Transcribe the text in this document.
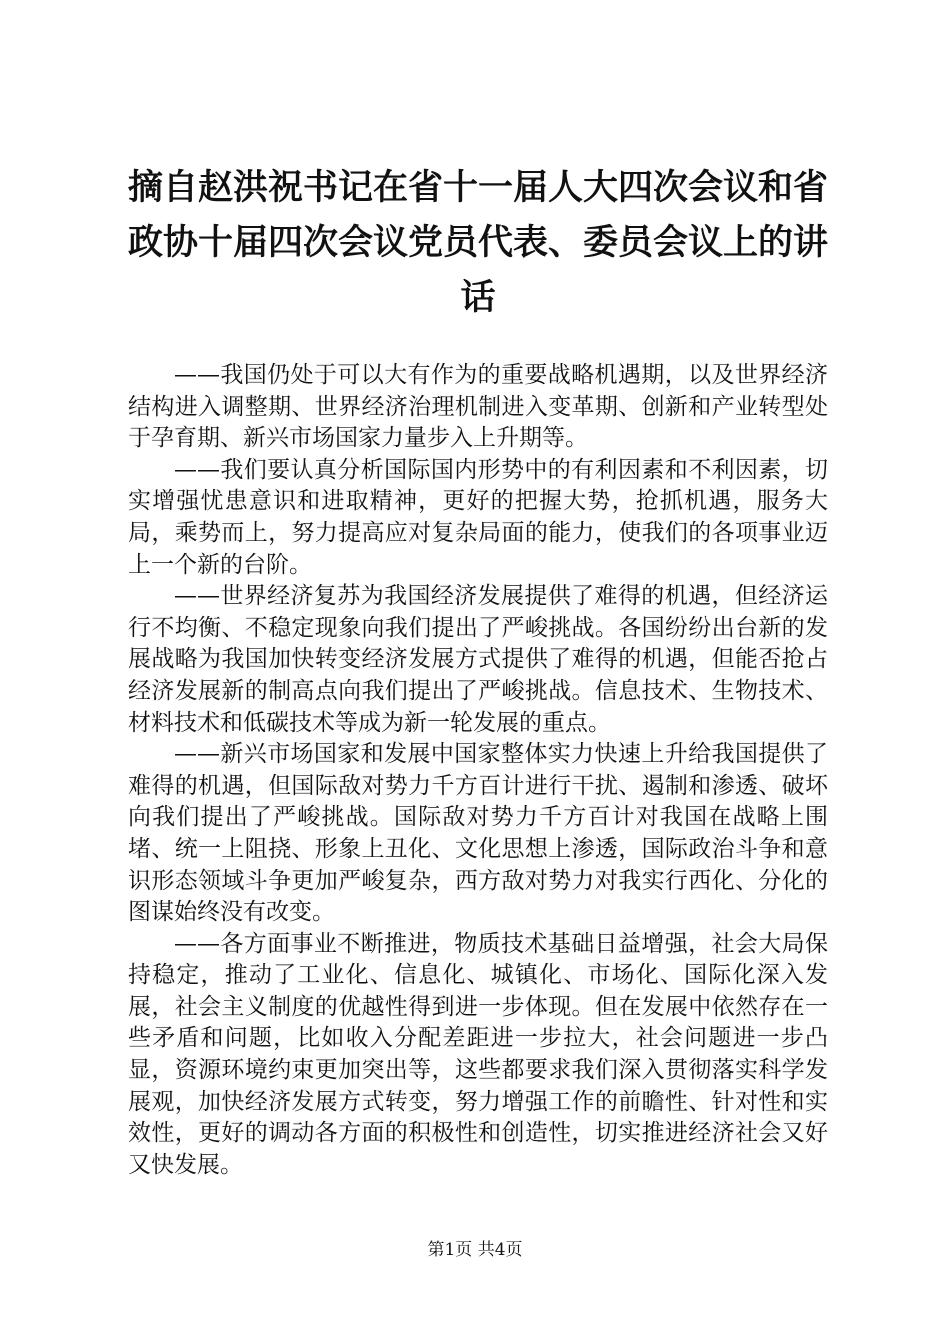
摘自赵洪祝书记在省十一届人大四次会议和省政协十届四次会议党员代表、委员会议上的讲话

——我国仍处于可以大有作为的重要战略机遇期，以及世界经济结构进入调整期、世界经济治理机制进入变革期、创新和产业转型处于孕育期、新兴市场国家力量步入上升期等。

——我们要认真分析国际国内形势中的有利因素和不利因素，切实增强忧患意识和进取精神，更好的把握大势，抢抓机遇，服务大局，乘势而上，努力提高应对复杂局面的能力，使我们的各项事业迈上一个新的台阶。

——世界经济复苏为我国经济发展提供了难得的机遇，但经济运行不均衡、不稳定现象向我们提出了严峻挑战。各国纷纷出台新的发展战略为我国加快转变经济发展方式提供了难得的机遇，但能否抢占经济发展新的制高点向我们提出了严峻挑战。信息技术、生物技术、材料技术和低碳技术等成为新一轮发展的重点。

——新兴市场国家和发展中国家整体实力快速上升给我国提供了难得的机遇，但国际敌对势力千方百计进行干扰、遏制和渗透、破坏向我们提出了严峻挑战。国际敌对势力千方百计对我国在战略上围堵、统一上阻挠、形象上丑化、文化思想上渗透，国际政治斗争和意识形态领域斗争更加严峻复杂，西方敌对势力对我实行西化、分化的图谋始终没有改变。

——各方面事业不断推进，物质技术基础日益增强，社会大局保持稳定，推动了工业化、信息化、城镇化、市场化、国际化深入发展，社会主义制度的优越性得到进一步体现。但在发展中依然存在一些矛盾和问题，比如收入分配差距进一步拉大，社会问题进一步凸显，资源环境约束更加突出等，这些都要求我们深入贯彻落实科学发展观，加快经济发展方式转变，努力增强工作的前瞻性、针对性和实效性，更好的调动各方面的积极性和创造性，切实推进经济社会又好又快发展。

第1页 共4页
